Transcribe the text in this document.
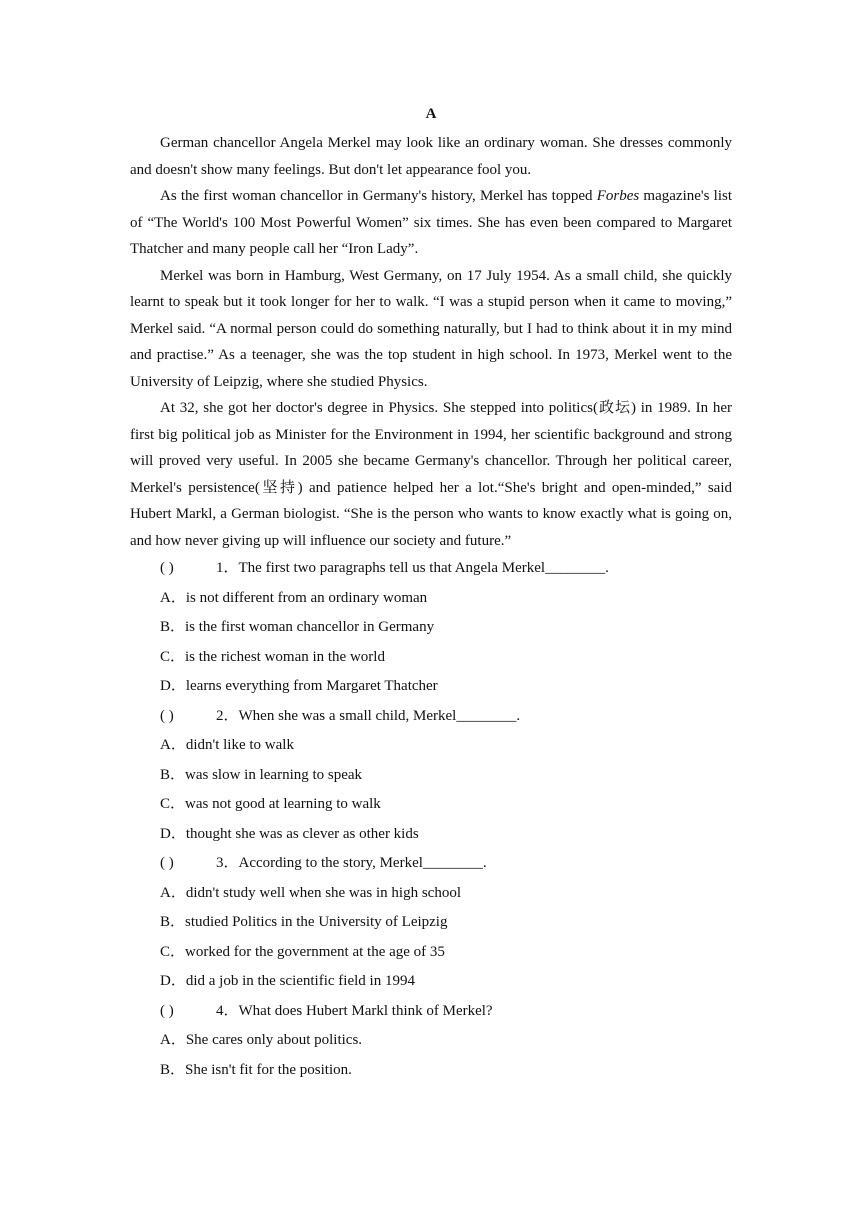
A

German chancellor Angela Merkel may look like an ordinary woman. She dresses commonly and doesn't show many feelings. But don't let appearance fool you.

As the first woman chancellor in Germany's history, Merkel has topped Forbes magazine's list of “The World's 100 Most Powerful Women” six times. She has even been compared to Margaret Thatcher and many people call her “Iron Lady”.

Merkel was born in Hamburg, West Germany, on 17 July 1954. As a small child, she quickly learnt to speak but it took longer for her to walk. “I was a stupid person when it came to moving,” Merkel said. “A normal person could do something naturally, but I had to think about it in my mind and practise.” As a teenager, she was the top student in high school. In 1973, Merkel went to the University of Leipzig, where she studied Physics.

At 32, she got her doctor's degree in Physics. She stepped into politics(政坛) in 1989. In her first big political job as Minister for the Environment in 1994, her scientific background and strong will proved very useful. In 2005 she became Germany's chancellor. Through her political career, Merkel's persistence(坚持) and patience helped her a lot.“She's bright and open-minded,” said Hubert Markl, a German biologist. “She is the person who wants to know exactly what is going on, and how never giving up will influence our society and future.”

( )	1．The first two paragraphs tell us that Angela Merkel________.
A．is not different from an ordinary woman
B．is the first woman chancellor in Germany
C．is the richest woman in the world
D．learns everything from Margaret Thatcher
( )	2．When she was a small child, Merkel________.
A．didn't like to walk
B．was slow in learning to speak
C．was not good at learning to walk
D．thought she was as clever as other kids
( )	3．According to the story, Merkel________.
A．didn't study well when she was in high school
B．studied Politics in the University of Leipzig
C．worked for the government at the age of 35
D．did a job in the scientific field in 1994
( )	4．What does Hubert Markl think of Merkel?
A．She cares only about politics.
B．She isn't fit for the position.
